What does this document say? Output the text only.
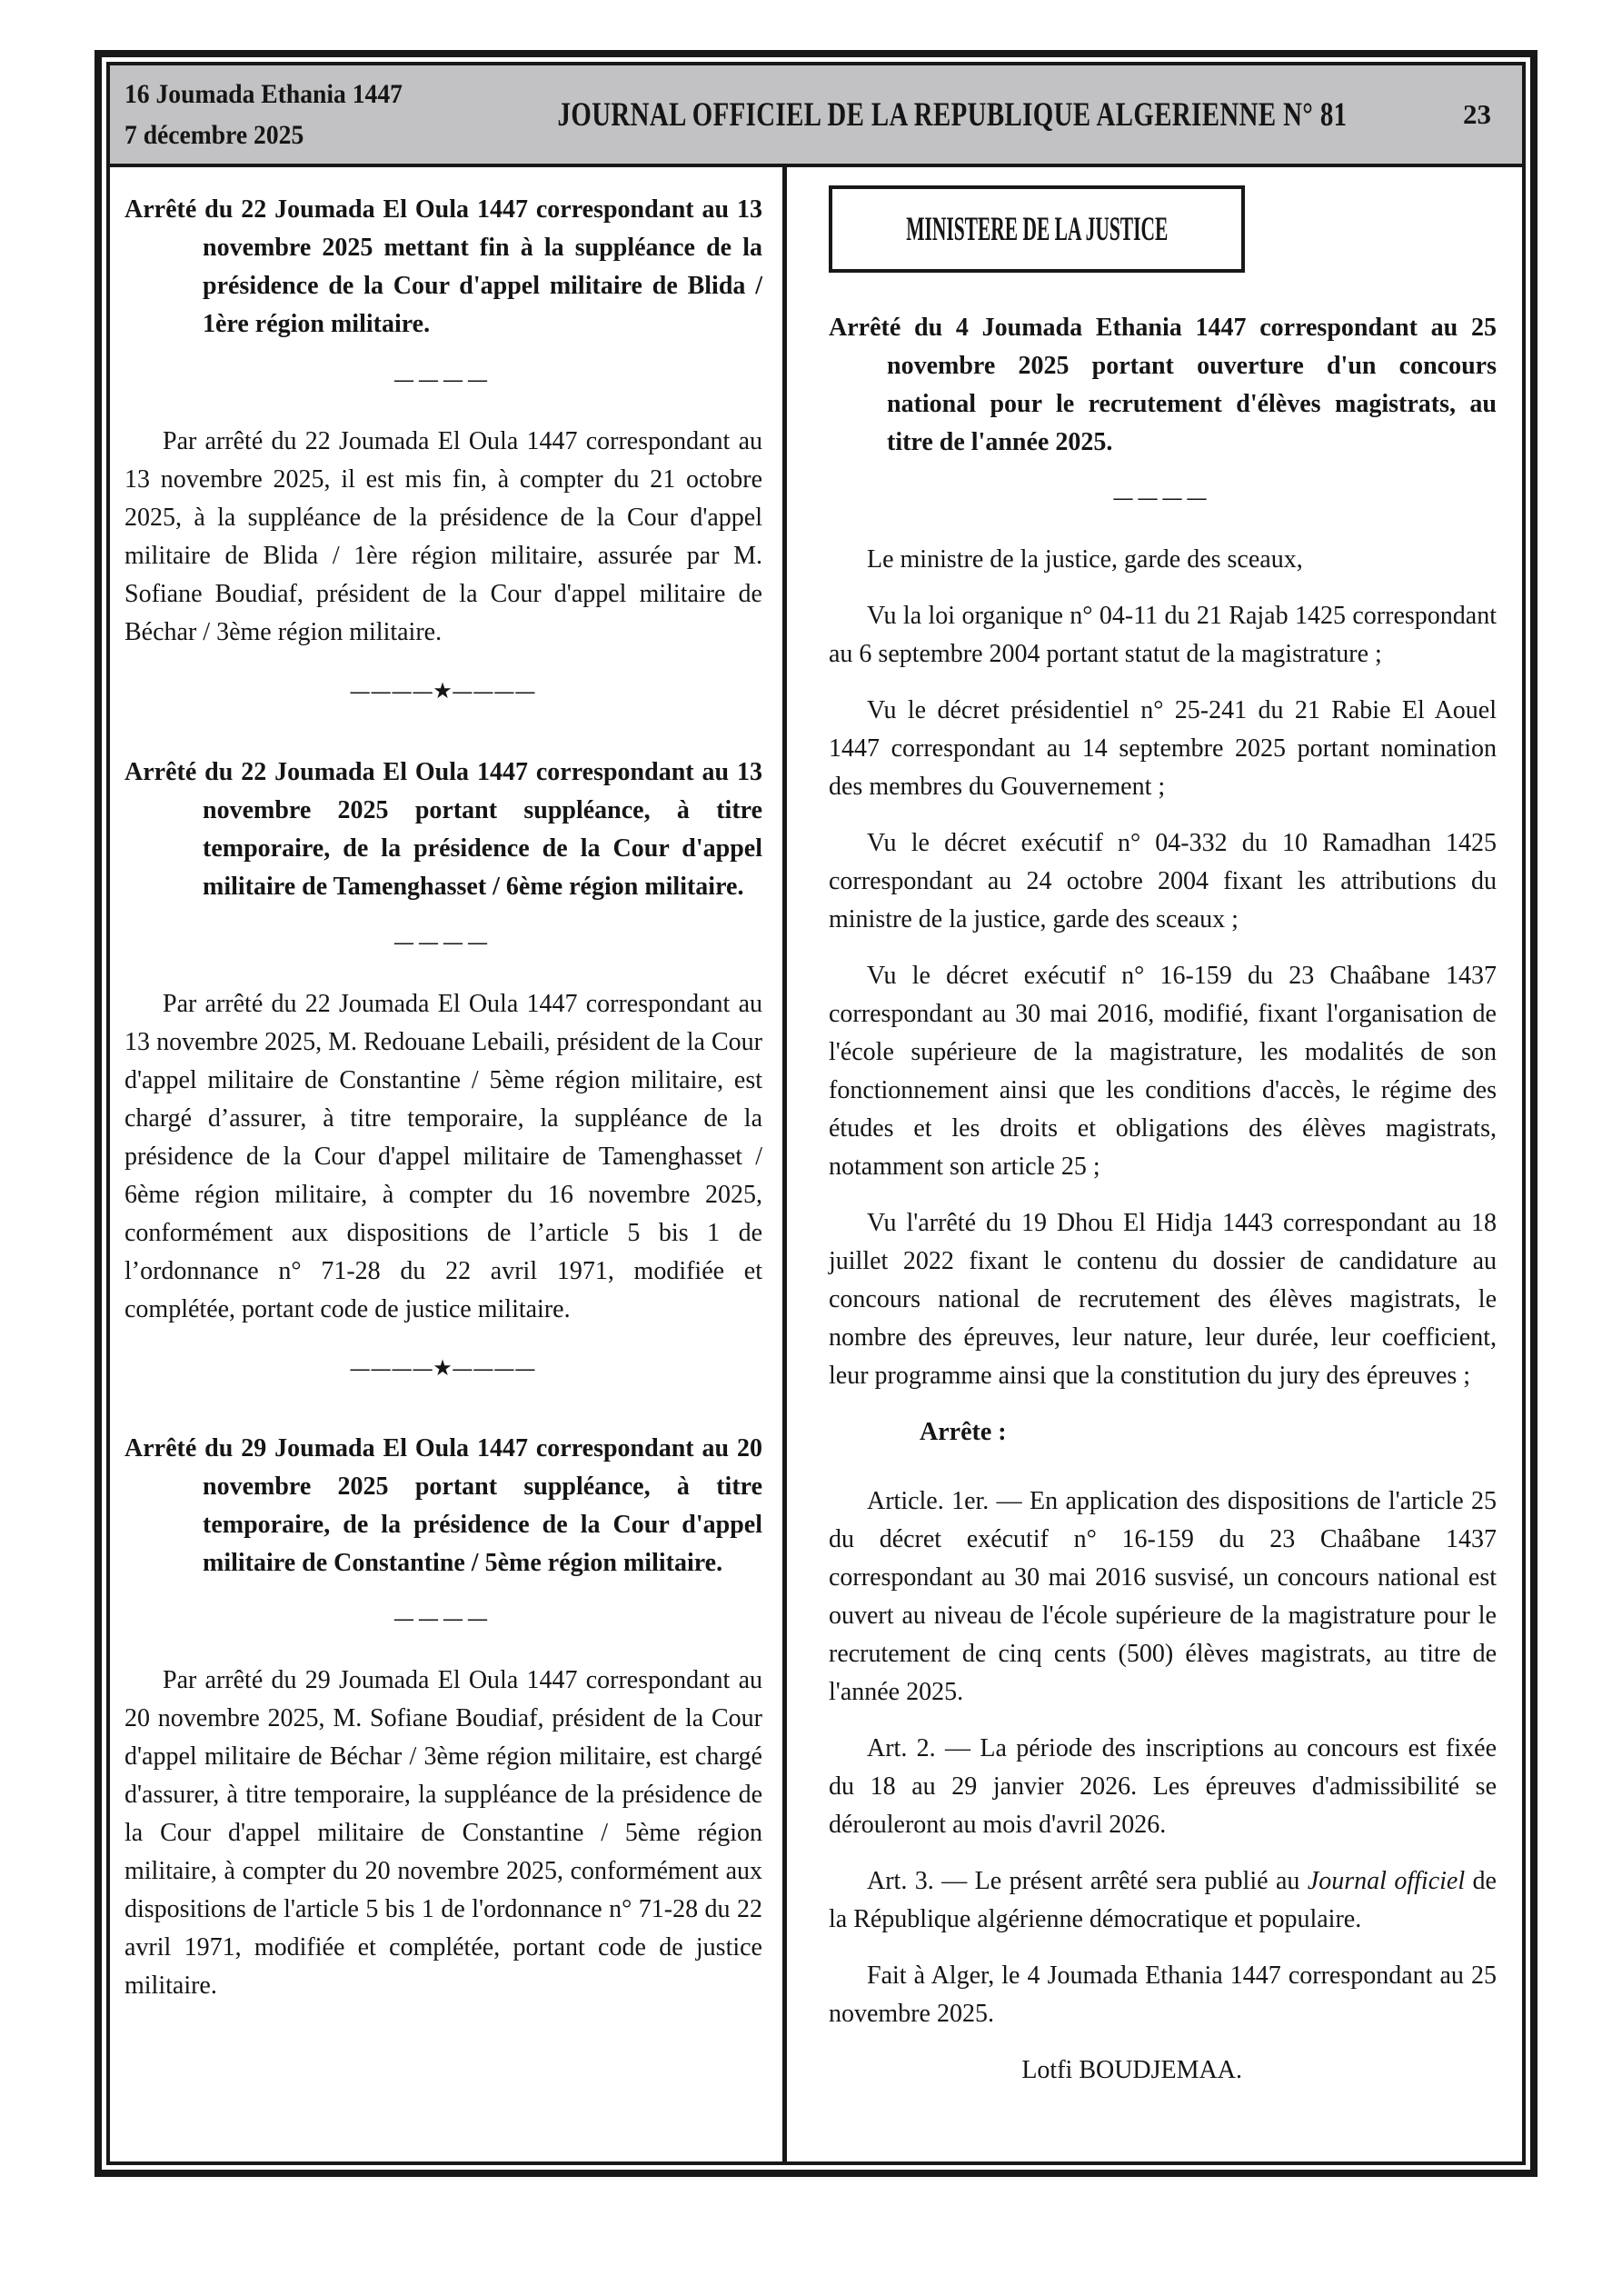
16 Joumada Ethania 1447
7 décembre 2025
JOURNAL OFFICIEL DE LA REPUBLIQUE ALGERIENNE N° 81	23
Arrêté du 22 Joumada El Oula 1447 correspondant au 13 novembre 2025 mettant fin à la suppléance de la présidence de la Cour d'appel militaire de Blida / 1ère région militaire.
————

Par arrêté du 22 Joumada El Oula 1447 correspondant au 13 novembre 2025, il est mis fin, à compter du 21 octobre 2025, à la suppléance de la présidence de la Cour d'appel militaire de Blida / 1ère région militaire, assurée par M. Sofiane Boudiaf, président de la Cour d'appel militaire de Béchar / 3ème région militaire.

————★————
Arrêté du 22 Joumada El Oula 1447 correspondant au 13 novembre 2025 portant suppléance, à titre temporaire, de la présidence de la Cour d'appel militaire de Tamenghasset / 6ème région militaire.
————

Par arrêté du 22 Joumada El Oula 1447 correspondant au 13 novembre 2025, M. Redouane Lebaili, président de la Cour d'appel militaire de Constantine / 5ème région militaire, est chargé d’assurer, à titre temporaire, la suppléance de la présidence de la Cour d'appel militaire de Tamenghasset / 6ème région militaire, à compter du 16 novembre 2025, conformément aux dispositions de l’article 5 bis 1 de l’ordonnance n° 71-28 du 22 avril 1971, modifiée et complétée, portant code de justice militaire.

————★————
Arrêté du 29 Joumada El Oula 1447 correspondant au 20 novembre 2025 portant suppléance, à titre temporaire, de la présidence de la Cour d'appel militaire de Constantine / 5ème région militaire.
————

Par arrêté du 29 Joumada El Oula 1447 correspondant au 20 novembre 2025, M. Sofiane Boudiaf, président de la Cour d'appel militaire de Béchar / 3ème région militaire, est chargé d'assurer, à titre temporaire, la suppléance de la présidence de la Cour d'appel militaire de Constantine / 5ème région militaire, à compter du 20 novembre 2025, conformément aux dispositions de l'article 5 bis 1 de l'ordonnance n° 71-28 du 22 avril 1971, modifiée et complétée, portant code de justice militaire.

MINISTERE DE LA JUSTICE
Arrêté du 4 Joumada Ethania 1447 correspondant au 25 novembre 2025 portant ouverture d'un concours national pour le recrutement d'élèves magistrats, au titre de l'année 2025.
————

Le ministre de la justice, garde des sceaux,

Vu la loi organique n° 04-11 du 21 Rajab 1425 correspondant au 6 septembre 2004 portant statut de la magistrature ;

Vu le décret présidentiel n° 25-241 du 21 Rabie El Aouel 1447 correspondant au 14 septembre 2025 portant nomination des membres du Gouvernement ;

Vu le décret exécutif n° 04-332 du 10 Ramadhan 1425 correspondant au 24 octobre 2004 fixant les attributions du ministre de la justice, garde des sceaux ;

Vu le décret exécutif n° 16-159 du 23 Chaâbane 1437 correspondant au 30 mai 2016, modifié, fixant l'organisation de l'école supérieure de la magistrature, les modalités de son fonctionnement ainsi que les conditions d'accès, le régime des études et les droits et obligations des élèves magistrats, notamment son article 25 ;

Vu l'arrêté du 19 Dhou El Hidja 1443 correspondant au 18 juillet 2022 fixant le contenu du dossier de candidature au concours national de recrutement des élèves magistrats, le nombre des épreuves, leur nature, leur durée, leur coefficient, leur programme ainsi que la constitution du jury des épreuves ;

Arrête :

Article. 1er. — En application des dispositions de l'article 25 du décret exécutif n° 16-159 du 23 Chaâbane 1437 correspondant au 30 mai 2016 susvisé, un concours national est ouvert au niveau de l'école supérieure de la magistrature pour le recrutement de cinq cents (500) élèves magistrats, au titre de l'année 2025.

Art. 2. — La période des inscriptions au concours est fixée du 18 au 29 janvier 2026. Les épreuves d'admissibilité se dérouleront au mois d'avril 2026.

Art. 3. — Le présent arrêté sera publié au Journal officiel de la République algérienne démocratique et populaire.

Fait à Alger, le 4 Joumada Ethania 1447 correspondant au 25 novembre 2025.

Lotfi BOUDJEMAA.
